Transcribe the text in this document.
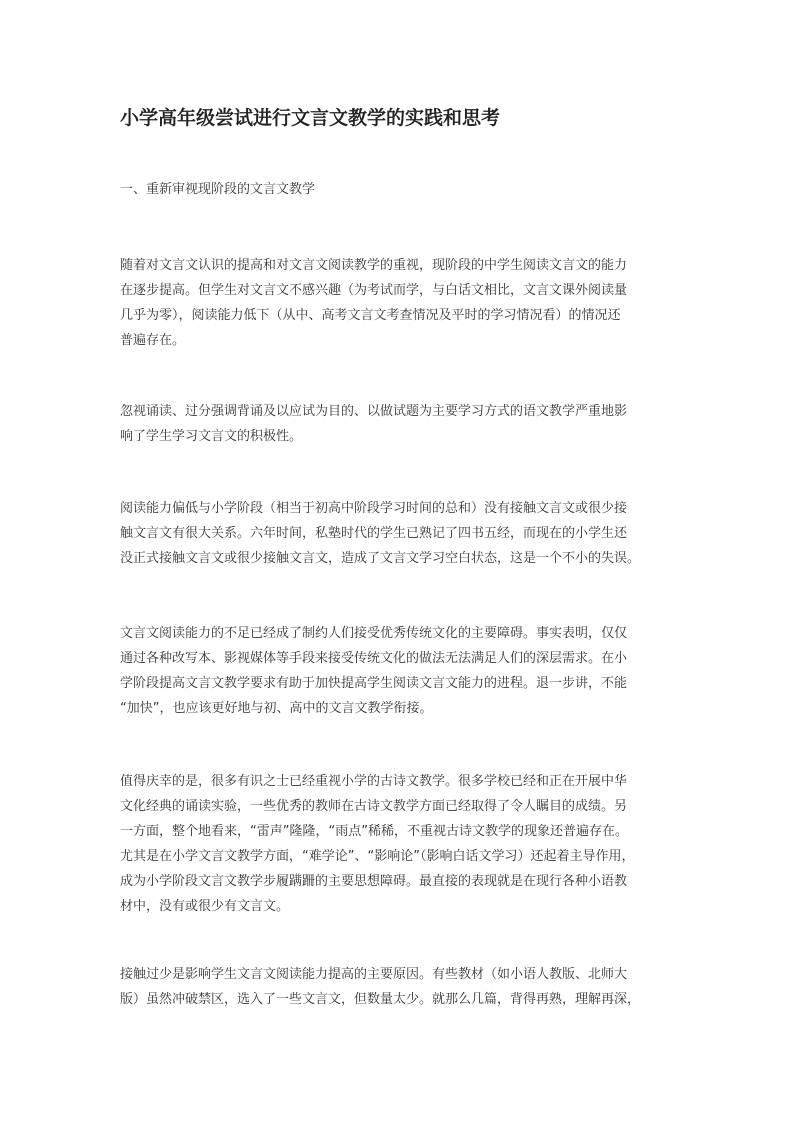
小学高年级尝试进行文言文教学的实践和思考
一、重新审视现阶段的文言文教学
随着对文言文认识的提高和对文言文阅读教学的重视，现阶段的中学生阅读文言文的能力
在逐步提高。但学生对文言文不感兴趣（为考试而学，与白话文相比，文言文课外阅读量
几乎为零），阅读能力低下（从中、高考文言文考查情况及平时的学习情况看）的情况还
普遍存在。
忽视诵读、过分强调背诵及以应试为目的、以做试题为主要学习方式的语文教学严重地影
响了学生学习文言文的积极性。
阅读能力偏低与小学阶段（相当于初高中阶段学习时间的总和）没有接触文言文或很少接
触文言文有很大关系。六年时间，私塾时代的学生已熟记了四书五经，而现在的小学生还
没正式接触文言文或很少接触文言文，造成了文言文学习空白状态，这是一个不小的失误。
文言文阅读能力的不足已经成了制约人们接受优秀传统文化的主要障碍。事实表明，仅仅
通过各种改写本、影视媒体等手段来接受传统文化的做法无法满足人们的深层需求。在小
学阶段提高文言文教学要求有助于加快提高学生阅读文言文能力的进程。退一步讲，不能
“加快”，也应该更好地与初、高中的文言文教学衔接。
值得庆幸的是，很多有识之士已经重视小学的古诗文教学。很多学校已经和正在开展中华
文化经典的诵读实验，一些优秀的教师在古诗文教学方面已经取得了令人瞩目的成绩。另
一方面，整个地看来，“雷声”隆隆，“雨点”稀稀，不重视古诗文教学的现象还普遍存在。
尤其是在小学文言文教学方面，“难学论”、“影响论”（影响白话文学习）还起着主导作用，
成为小学阶段文言文教学步履蹒跚的主要思想障碍。最直接的表现就是在现行各种小语教
材中，没有或很少有文言文。
接触过少是影响学生文言文阅读能力提高的主要原因。有些教材（如小语人教版、北师大
版）虽然冲破禁区，选入了一些文言文，但数量太少。就那么几篇，背得再熟，理解再深，
